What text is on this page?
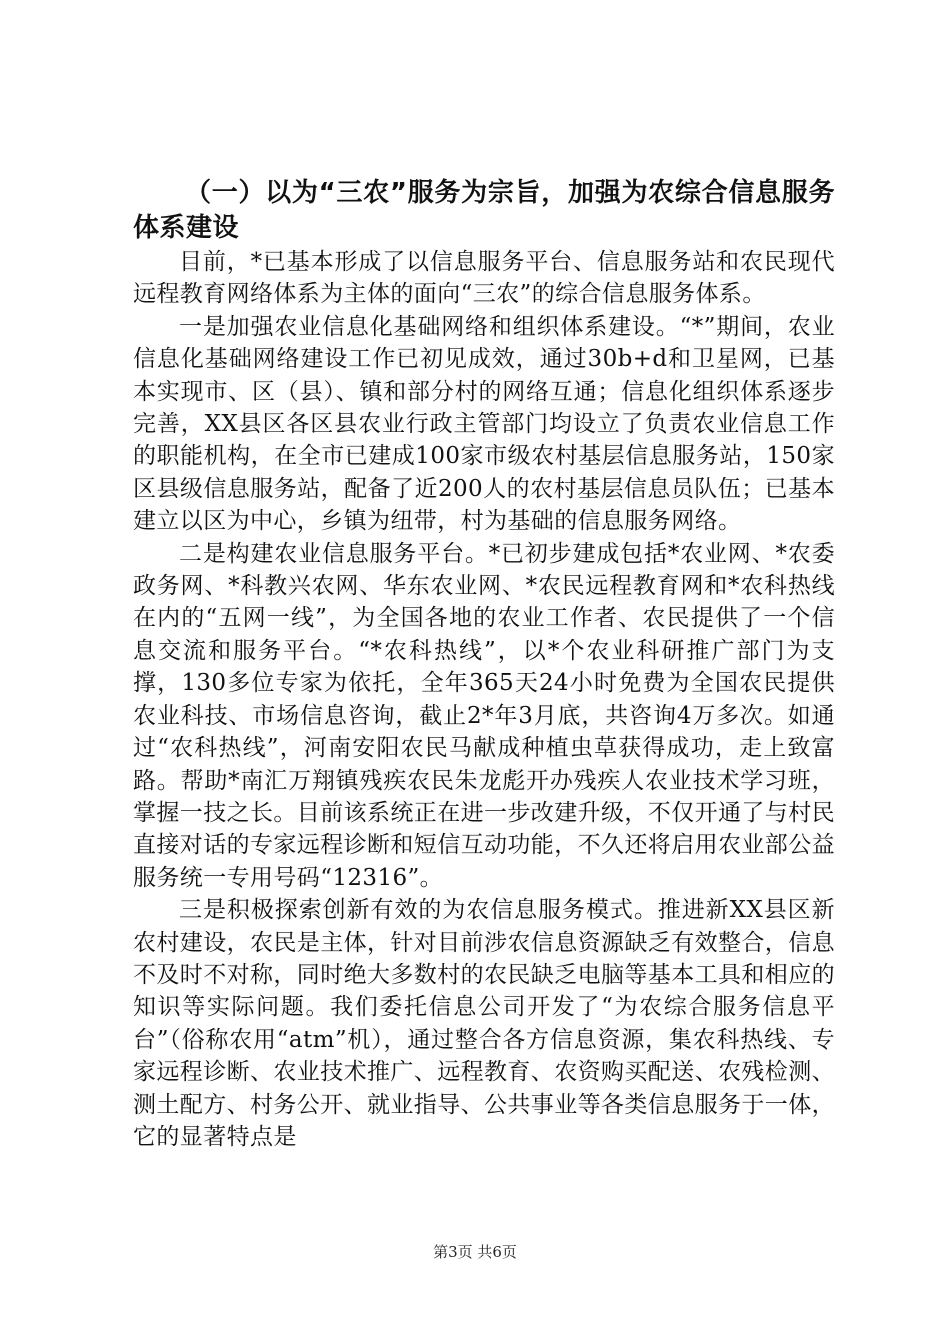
（一）以为“三农”服务为宗旨，加强为农综合信息服务体系建设

目前，*已基本形成了以信息服务平台、信息服务站和农民现代远程教育网络体系为主体的面向“三农”的综合信息服务体系。

一是加强农业信息化基础网络和组织体系建设。“*”期间，农业信息化基础网络建设工作已初见成效，通过30b+d和卫星网，已基本实现市、区（县）、镇和部分村的网络互通；信息化组织体系逐步完善，XX县区各区县农业行政主管部门均设立了负责农业信息工作的职能机构，在全市已建成100家市级农村基层信息服务站，150家区县级信息服务站，配备了近200人的农村基层信息员队伍；已基本建立以区为中心，乡镇为纽带，村为基础的信息服务网络。

二是构建农业信息服务平台。*已初步建成包括*农业网、*农委政务网、*科教兴农网、华东农业网、*农民远程教育网和*农科热线在内的“五网一线”，为全国各地的农业工作者、农民提供了一个信息交流和服务平台。“*农科热线”，以*个农业科研推广部门为支撑，130多位专家为依托，全年365天24小时免费为全国农民提供农业科技、市场信息咨询，截止2*年3月底，共咨询4万多次。如通过“农科热线”，河南安阳农民马献成种植虫草获得成功，走上致富路。帮助*南汇万翔镇残疾农民朱龙彪开办残疾人农业技术学习班，掌握一技之长。目前该系统正在进一步改建升级，不仅开通了与村民直接对话的专家远程诊断和短信互动功能，不久还将启用农业部公益服务统一专用号码“12316”。

三是积极探索创新有效的为农信息服务模式。推进新XX县区新农村建设，农民是主体，针对目前涉农信息资源缺乏有效整合，信息不及时不对称，同时绝大多数村的农民缺乏电脑等基本工具和相应的知识等实际问题。我们委托信息公司开发了“为农综合服务信息平台”（俗称农用“atm”机），通过整合各方信息资源，集农科热线、专家远程诊断、农业技术推广、远程教育、农资购买配送、农残检测、测土配方、村务公开、就业指导、公共事业等各类信息服务于一体，它的显著特点是

第3页 共6页
